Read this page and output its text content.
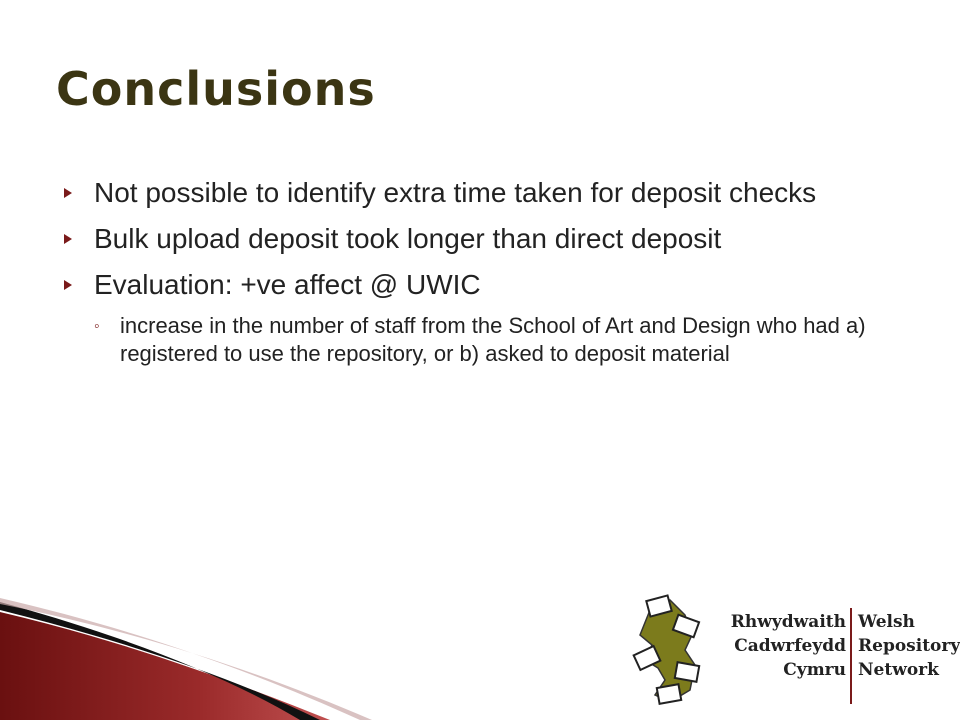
Conclusions
Not possible to identify extra time taken for deposit checks
Bulk upload deposit took longer than direct deposit
Evaluation: +ve affect @ UWIC
◦ increase in the number of staff from the School of Art and Design who had a) registered to use the repository, or b) asked to deposit material
Rhwydwaith
Cadwrfeydd
Cymru
Welsh
Repository
Network
